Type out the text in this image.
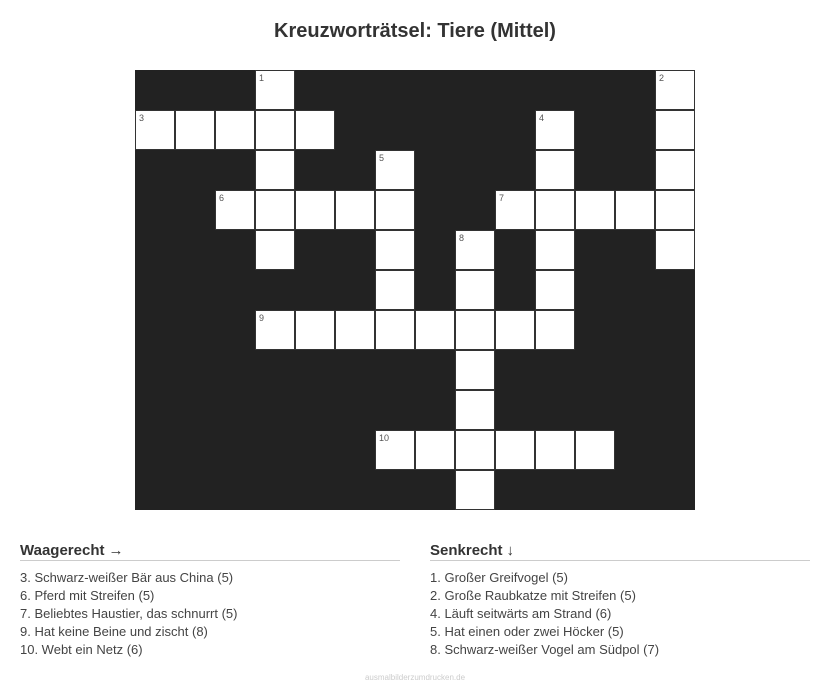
Kreuzworträtsel: Tiere (Mittel)
1	2
3	4
5
6	7
8
9
10
Waagerecht →
3. Schwarz-weißer Bär aus China (5)
6. Pferd mit Streifen (5)
7. Beliebtes Haustier, das schnurrt (5)
9. Hat keine Beine und zischt (8)
10. Webt ein Netz (6)
Senkrecht ↓
1. Großer Greifvogel (5)
2. Große Raubkatze mit Streifen (5)
4. Läuft seitwärts am Strand (6)
5. Hat einen oder zwei Höcker (5)
8. Schwarz-weißer Vogel am Südpol (7)
ausmalbilderzumdrucken.de
